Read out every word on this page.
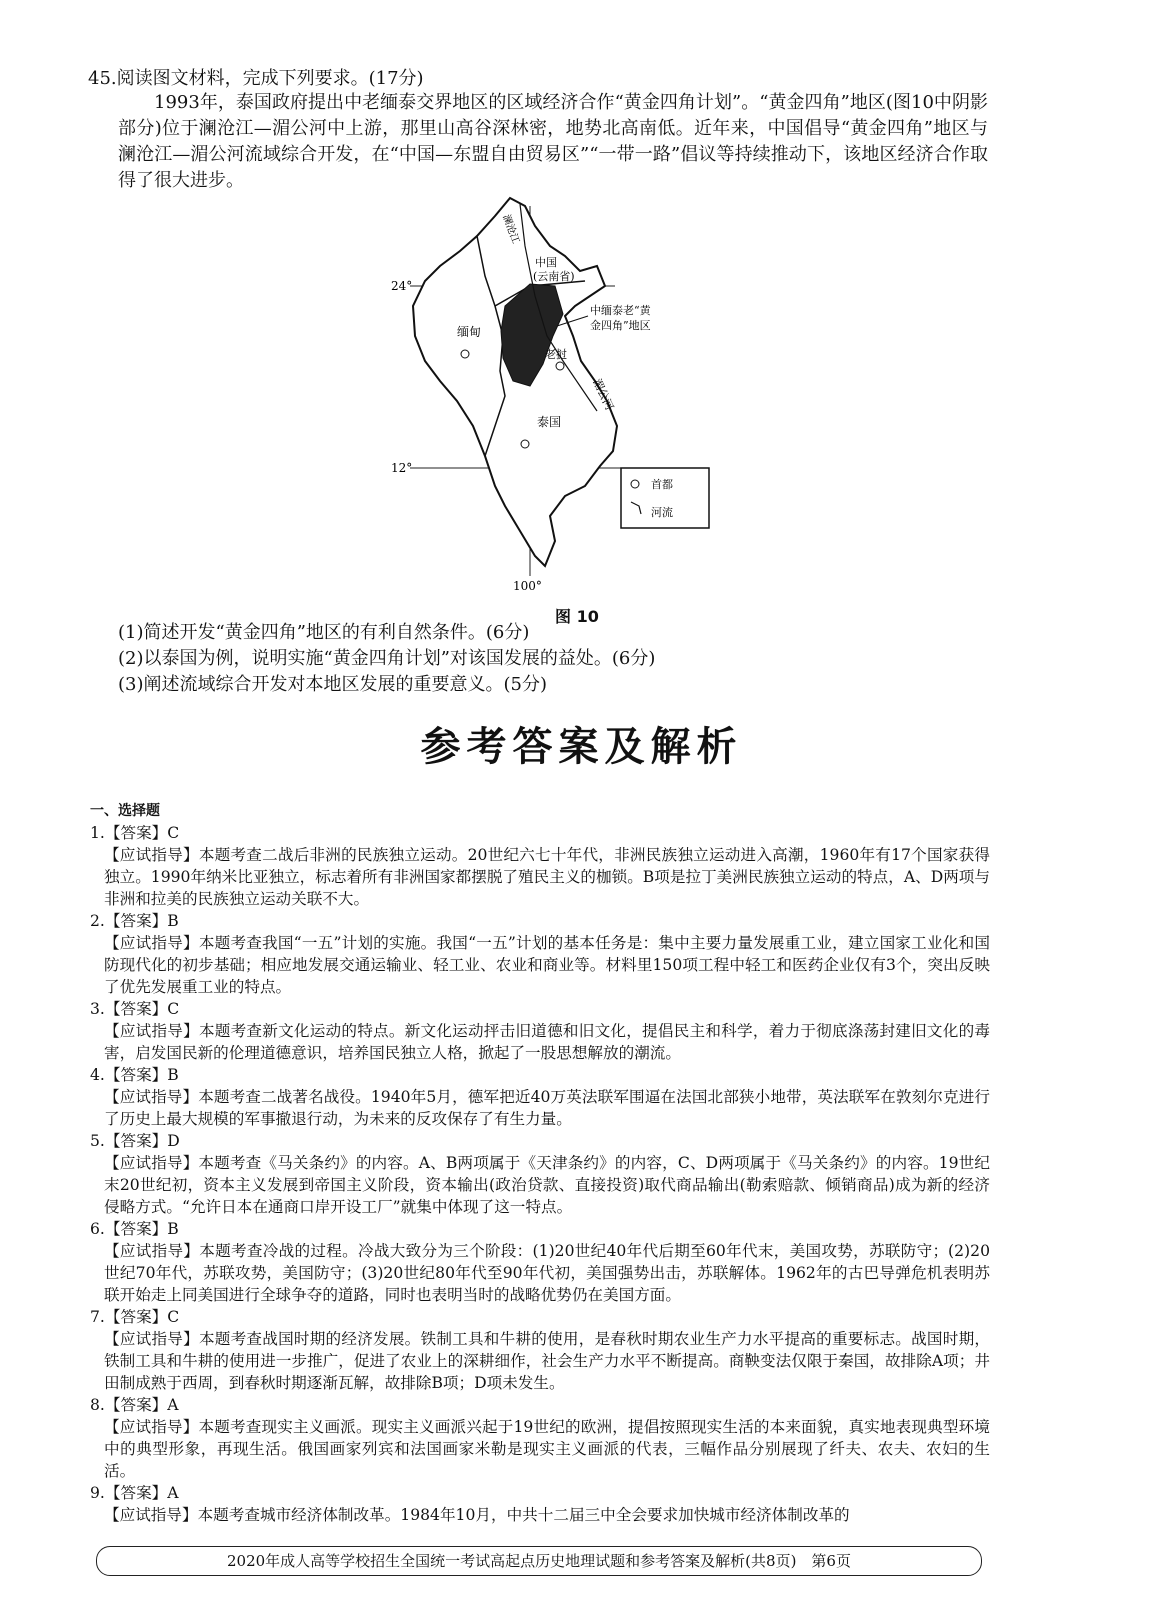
45.阅读图文材料，完成下列要求。(17分)

1993年，泰国政府提出中老缅泰交界地区的区域经济合作“黄金四角计划”。“黄金四角”地区(图10中阴影部分)位于澜沧江—湄公河中上游，那里山高谷深林密，地势北高南低。近年来，中国倡导“黄金四角”地区与澜沧江—湄公河流域综合开发，在“中国—东盟自由贸易区”“一带一路”倡议等持续推动下，该地区经济合作取得了很大进步。

24°
12°
100°
缅甸
中国
(云南省)
泰国
老挝
澜沧江
湄公河
中缅泰老“黄
金四角”地区
首都
河流
图 10
(1)简述开发“黄金四角”地区的有利自然条件。(6分)
(2)以泰国为例，说明实施“黄金四角计划”对该国发展的益处。(6分)
(3)阐述流域综合开发对本地区发展的重要意义。(5分)
参考答案及解析
一、选择题
1.【答案】C
【应试指导】本题考查二战后非洲的民族独立运动。20世纪六七十年代，非洲民族独立运动进入高潮，1960年有17个国家获得独立。1990年纳米比亚独立，标志着所有非洲国家都摆脱了殖民主义的枷锁。B项是拉丁美洲民族独立运动的特点，A、D两项与非洲和拉美的民族独立运动关联不大。
2.【答案】B
【应试指导】本题考查我国“一五”计划的实施。我国“一五”计划的基本任务是：集中主要力量发展重工业，建立国家工业化和国防现代化的初步基础；相应地发展交通运输业、轻工业、农业和商业等。材料里150项工程中轻工和医药企业仅有3个，突出反映了优先发展重工业的特点。
3.【答案】C
【应试指导】本题考查新文化运动的特点。新文化运动抨击旧道德和旧文化，提倡民主和科学，着力于彻底涤荡封建旧文化的毒害，启发国民新的伦理道德意识，培养国民独立人格，掀起了一股思想解放的潮流。
4.【答案】B
【应试指导】本题考查二战著名战役。1940年5月，德军把近40万英法联军围逼在法国北部狭小地带，英法联军在敦刻尔克进行了历史上最大规模的军事撤退行动，为未来的反攻保存了有生力量。
5.【答案】D
【应试指导】本题考查《马关条约》的内容。A、B两项属于《天津条约》的内容，C、D两项属于《马关条约》的内容。19世纪末20世纪初，资本主义发展到帝国主义阶段，资本输出(政治贷款、直接投资)取代商品输出(勒索赔款、倾销商品)成为新的经济侵略方式。“允许日本在通商口岸开设工厂”就集中体现了这一特点。
6.【答案】B
【应试指导】本题考查冷战的过程。冷战大致分为三个阶段：(1)20世纪40年代后期至60年代末，美国攻势，苏联防守；(2)20世纪70年代，苏联攻势，美国防守；(3)20世纪80年代至90年代初，美国强势出击，苏联解体。1962年的古巴导弹危机表明苏联开始走上同美国进行全球争夺的道路，同时也表明当时的战略优势仍在美国方面。
7.【答案】C
【应试指导】本题考查战国时期的经济发展。铁制工具和牛耕的使用，是春秋时期农业生产力水平提高的重要标志。战国时期，铁制工具和牛耕的使用进一步推广，促进了农业上的深耕细作，社会生产力水平不断提高。商鞅变法仅限于秦国，故排除A项；井田制成熟于西周，到春秋时期逐渐瓦解，故排除B项；D项未发生。
8.【答案】A
【应试指导】本题考查现实主义画派。现实主义画派兴起于19世纪的欧洲，提倡按照现实生活的本来面貌，真实地表现典型环境中的典型形象，再现生活。俄国画家列宾和法国画家米勒是现实主义画派的代表，三幅作品分别展现了纤夫、农夫、农妇的生活。
9.【答案】A
【应试指导】本题考查城市经济体制改革。1984年10月，中共十二届三中全会要求加快城市经济体制改革的
2020年成人高等学校招生全国统一考试高起点历史地理试题和参考答案及解析(共8页)　第6页
